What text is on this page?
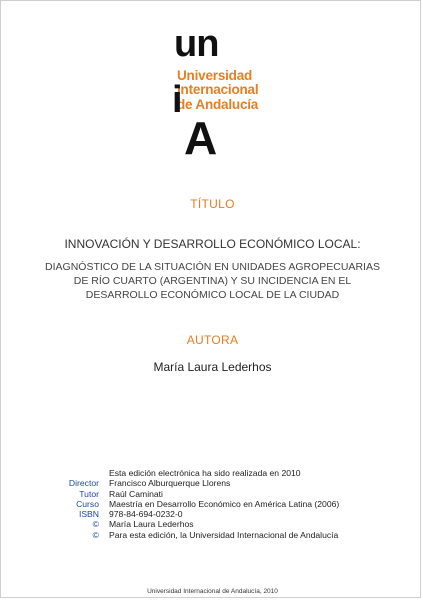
un
Universidad
Internacional
de Andalucía
i
A
TÍTULO
INNOVACIÓN Y DESARROLLO ECONÓMICO LOCAL:
DIAGNÓSTICO DE LA SITUACIÓN EN UNIDADES AGROPECUARIAS
DE RÍO CUARTO (ARGENTINA) Y SU INCIDENCIA EN EL
DESARROLLO ECONÓMICO LOCAL DE LA CIUDAD
AUTORA
María Laura Lederhos
Esta edición electrónica ha sido realizada en 2010
Director	Francisco Alburquerque Llorens
Tutor	Raúl Caminati
Curso	Maestría en Desarrollo Económico en América Latina (2006)
ISBN	978-84-694-0232-0
©	María Laura Lederhos
©	Para esta edición, la Universidad Internacional de Andalucía
Universidad Internacional de Andalucía, 2010
